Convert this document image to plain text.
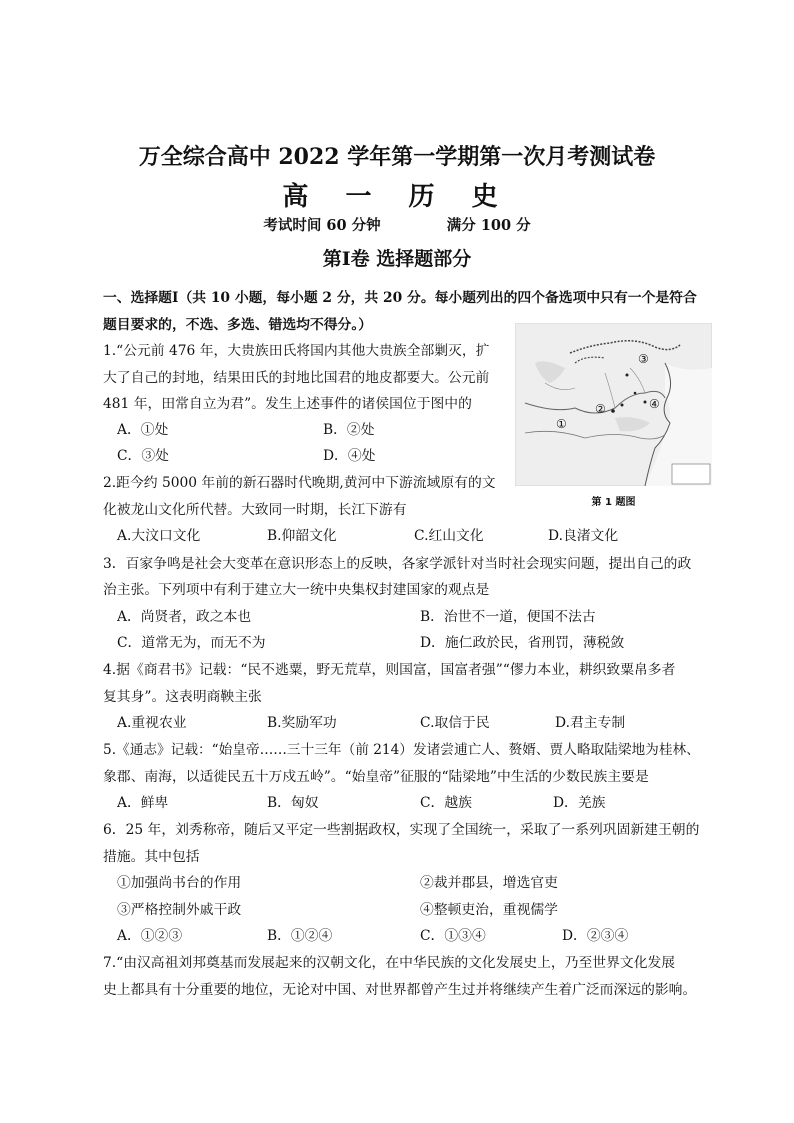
万全综合高中 2022 学年第一学期第一次月考测试卷
高 一 历 史
考试时间 60 分钟	满分 100 分
第Ⅰ卷 选择题部分
一、选择题Ⅰ（共 10 小题，每小题 2 分，共 20 分。每小题列出的四个备选项中只有一个是符合
题目要求的，不选、多选、错选均不得分。）
①
②
③
④
第 1 题图
1.“公元前 476 年，大贵族田氏将国内其他大贵族全部剿灭，扩
大了自己的封地，结果田氏的封地比国君的地皮都要大。公元前
481 年，田常自立为君”。发生上述事件的诸侯国位于图中的
A．①处	B．②处
C．③处	D．④处
2.距今约 5000 年前的新石器时代晚期,黄河中下游流域原有的文
化被龙山文化所代替。大致同一时期，长江下游有
A.大汶口文化	B.仰韶文化	C.红山文化	D.良渚文化
3．百家争鸣是社会大变革在意识形态上的反映，各家学派针对当时社会现实问题，提出自己的政
治主张。下列项中有利于建立大一统中央集权封建国家的观点是
A．尚贤者，政之本也	B．治世不一道，便国不法古
C．道常无为，而无不为	D．施仁政於民，省刑罚，薄税敛
4.据《商君书》记载：“民不逃粟，野无荒草，则国富，国富者强”“僇力本业，耕织致粟帛多者
复其身”。这表明商鞅主张
A.重视农业	B.奖励军功	C.取信于民	D.君主专制
5.《通志》记载：“始皇帝……三十三年（前 214）发诸尝逋亡人、赘婿、贾人略取陆梁地为桂林、
象郡、南海，以适徙民五十万戍五岭”。“始皇帝”征服的“陆梁地”中生活的少数民族主要是
A．鲜卑	B．匈奴	C．越族	D．羌族
6．25 年，刘秀称帝，随后又平定一些割据政权，实现了全国统一，采取了一系列巩固新建王朝的
措施。其中包括
①加强尚书台的作用	②裁并郡县，增选官吏
③严格控制外戚干政	④整顿吏治，重视儒学
A．①②③	B．①②④	C．①③④	D．②③④
7.“由汉高祖刘邦奠基而发展起来的汉朝文化，在中华民族的文化发展史上，乃至世界文化发展
史上都具有十分重要的地位，无论对中国、对世界都曾产生过并将继续产生着广泛而深远的影响。
